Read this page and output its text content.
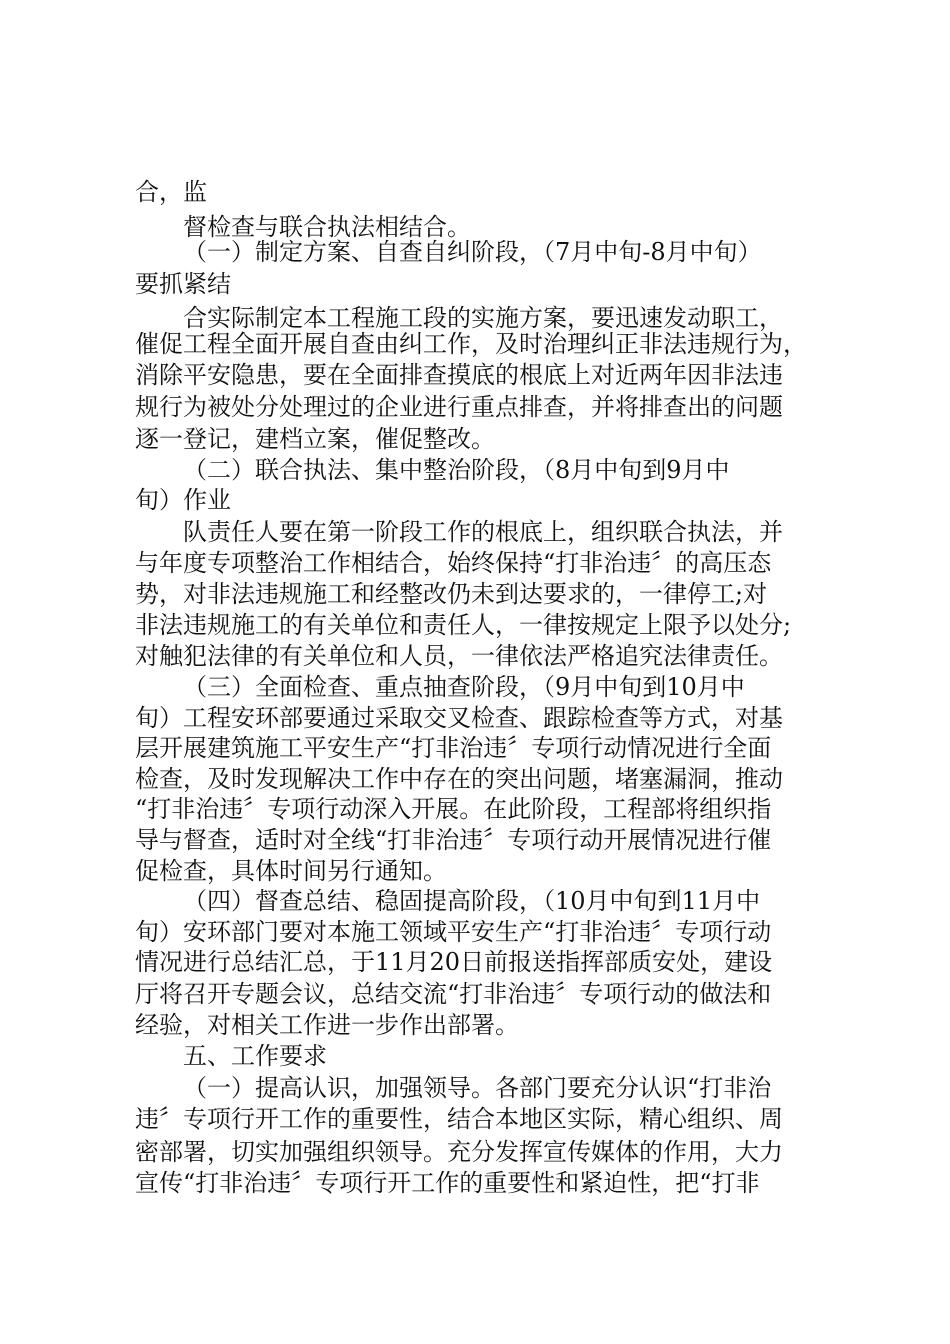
合，监
督检查与联合执法相结合。
（一）制定方案、自查自纠阶段，（7月中旬-8月中旬）
要抓紧结
合实际制定本工程施工段的实施方案，要迅速发动职工，
催促工程全面开展自查由纠工作，及时治理纠正非法违规行为，
消除平安隐患，要在全面排查摸底的根底上对近两年因非法违
规行为被处分处理过的企业进行重点排查，并将排查出的问题
逐一登记，建档立案，催促整改。
（二）联合执法、集中整治阶段，（8月中旬到9月中
旬）作业
队责任人要在第一阶段工作的根底上，组织联合执法，并
与年度专项整治工作相结合，始终保持“打非治违〞的高压态
势，对非法违规施工和经整改仍未到达要求的，一律停工;对
非法违规施工的有关单位和责任人，一律按规定上限予以处分;
对触犯法律的有关单位和人员，一律依法严格追究法律责任。
（三）全面检查、重点抽查阶段，（9月中旬到10月中
旬）工程安环部要通过采取交叉检查、跟踪检查等方式，对基
层开展建筑施工平安生产“打非治违〞专项行动情况进行全面
检查，及时发现解决工作中存在的突出问题，堵塞漏洞，推动
“打非治违〞专项行动深入开展。在此阶段，工程部将组织指
导与督查，适时对全线“打非治违〞专项行动开展情况进行催
促检查，具体时间另行通知。
（四）督查总结、稳固提高阶段，（10月中旬到11月中
旬）安环部门要对本施工领域平安生产“打非治违〞专项行动
情况进行总结汇总，于11月20日前报送指挥部质安处，建设
厅将召开专题会议，总结交流“打非治违〞专项行动的做法和
经验，对相关工作进一步作出部署。
五、工作要求
（一）提高认识，加强领导。各部门要充分认识“打非治
违〞专项行开工作的重要性，结合本地区实际，精心组织、周
密部署，切实加强组织领导。充分发挥宣传媒体的作用，大力
宣传“打非治违〞专项行开工作的重要性和紧迫性，把“打非
